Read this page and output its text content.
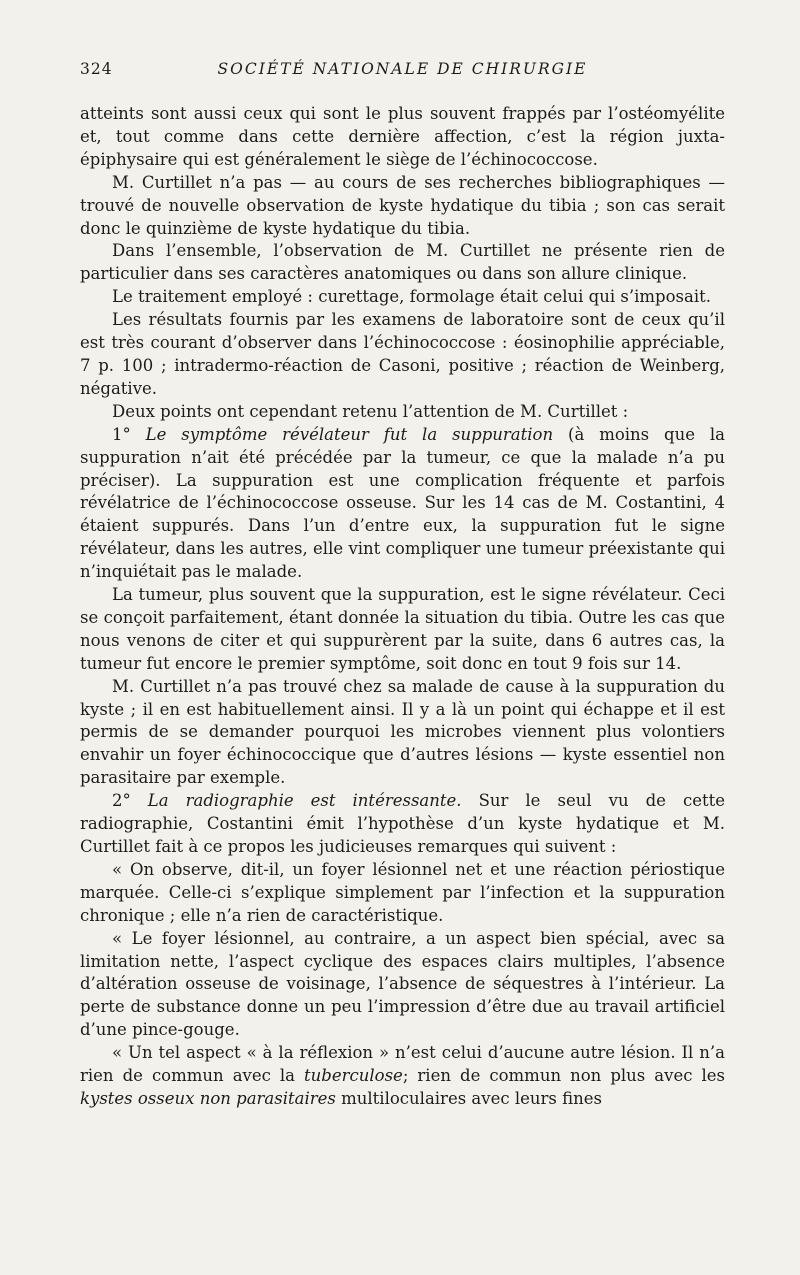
324	SOCIÉTÉ NATIONALE DE CHIRURGIE

atteints sont aussi ceux qui sont le plus souvent frappés par l’ostéomyélite et, tout comme dans cette dernière affection, c’est la région juxta-épiphysaire qui est généralement le siège de l’échinococcose.

M. Curtillet n’a pas — au cours de ses recherches bibliographiques — trouvé de nouvelle observation de kyste hydatique du tibia ; son cas serait donc le quinzième de kyste hydatique du tibia.

Dans l’ensemble, l’observation de M. Curtillet ne présente rien de particulier dans ses caractères anatomiques ou dans son allure clinique.

Le traitement employé : curettage, formolage était celui qui s’imposait.

Les résultats fournis par les examens de laboratoire sont de ceux qu’il est très courant d’observer dans l’échinococcose : éosinophilie appréciable, 7 p. 100 ; intradermo-réaction de Casoni, positive ; réaction de Weinberg, négative.

Deux points ont cependant retenu l’attention de M. Curtillet :

1° Le symptôme révélateur fut la suppuration (à moins que la suppuration n’ait été précédée par la tumeur, ce que la malade n’a pu préciser). La suppuration est une complication fréquente et parfois révélatrice de l’échinococcose osseuse. Sur les 14 cas de M. Costantini, 4 étaient suppurés. Dans l’un d’entre eux, la suppuration fut le signe révélateur, dans les autres, elle vint compliquer une tumeur préexistante qui n’inquiétait pas le malade.

La tumeur, plus souvent que la suppuration, est le signe révélateur. Ceci se conçoit parfaitement, étant donnée la situation du tibia. Outre les cas que nous venons de citer et qui suppurèrent par la suite, dans 6 autres cas, la tumeur fut encore le premier symptôme, soit donc en tout 9 fois sur 14.

M. Curtillet n’a pas trouvé chez sa malade de cause à la suppuration du kyste ; il en est habituellement ainsi. Il y a là un point qui échappe et il est permis de se demander pourquoi les microbes viennent plus volontiers envahir un foyer échinococcique que d’autres lésions — kyste essentiel non parasitaire par exemple.

2° La radiographie est intéressante. Sur le seul vu de cette radiographie, Costantini émit l’hypothèse d’un kyste hydatique et M. Curtillet fait à ce propos les judicieuses remarques qui suivent :

« On observe, dit-il, un foyer lésionnel net et une réaction périostique marquée. Celle-ci s’explique simplement par l’infection et la suppuration chronique ; elle n’a rien de caractéristique.

« Le foyer lésionnel, au contraire, a un aspect bien spécial, avec sa limitation nette, l’aspect cyclique des espaces clairs multiples, l’absence d’altération osseuse de voisinage, l’absence de séquestres à l’intérieur. La perte de substance donne un peu l’impression d’être due au travail artificiel d’une pince-gouge.

« Un tel aspect « à la réflexion » n’est celui d’aucune autre lésion. Il n’a rien de commun avec la tuberculose; rien de commun non plus avec les kystes osseux non parasitaires multiloculaires avec leurs fines
